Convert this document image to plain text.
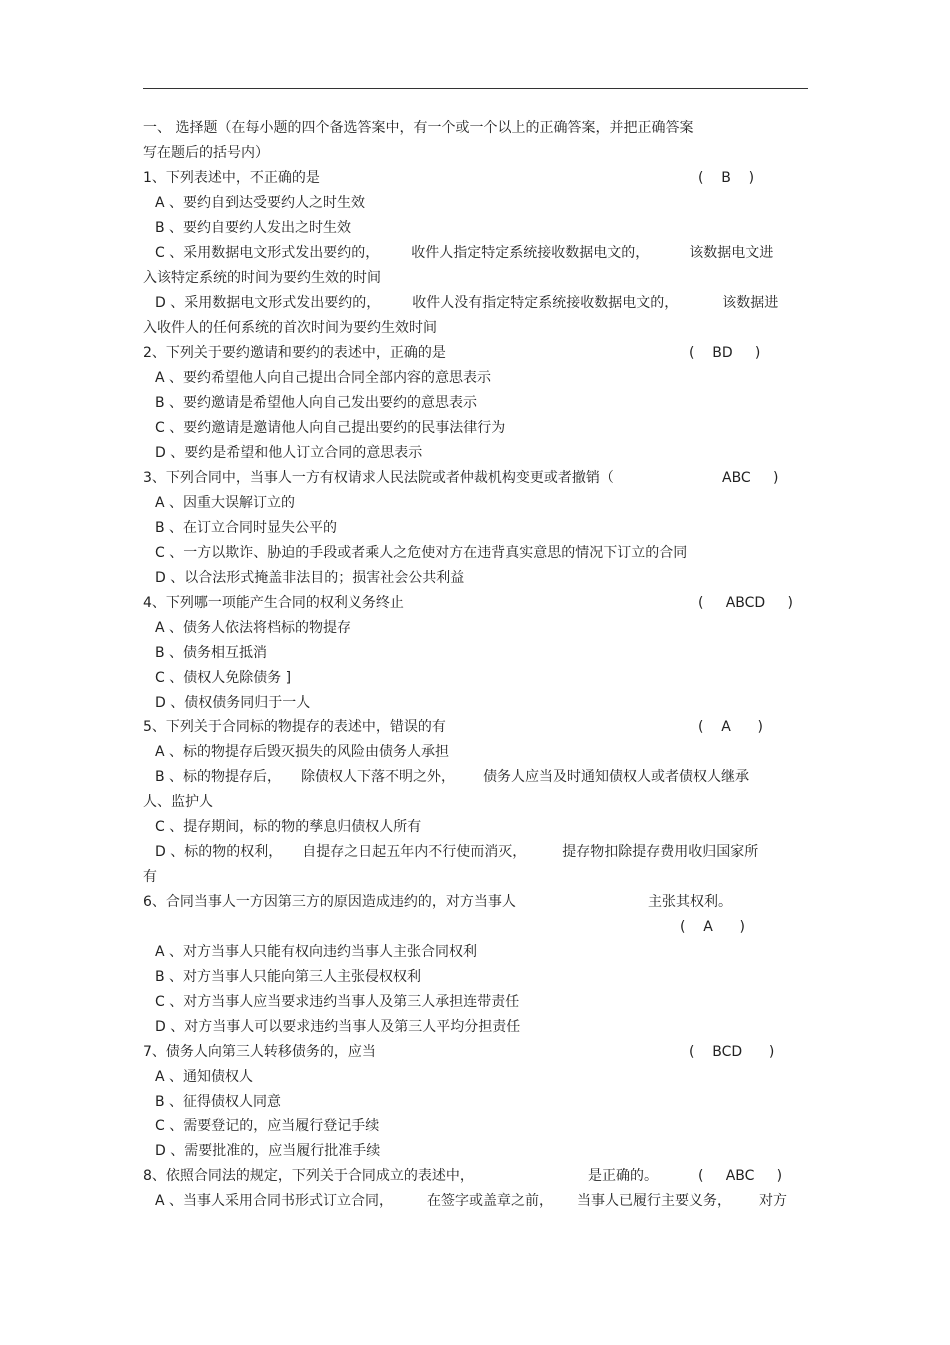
一、 选择题（在每小题的四个备选答案中，有一个或一个以上的正确答案，并把正确答案
写在题后的括号内）
1、下列表述中，不正确的是	(    B    )
A 、要约自到达受要约人之时生效
B 、要约自要约人发出之时生效
C 、采用数据电文形式发出要约的， 收件人指定特定系统接收数据电文的，	该数据电文进
入该特定系统的时间为要约生效的时间
D 、采用数据电文形式发出要约的， 收件人没有指定特定系统接收数据电文的，	该数据进
入收件人的任何系统的首次时间为要约生效时间
2、下列关于要约邀请和要约的表述中，正确的是	(    BD     )
A 、要约希望他人向自己提出合同全部内容的意思表示
B 、要约邀请是希望他人向自己发出要约的意思表示
C 、要约邀请是邀请他人向自己提出要约的民事法律行为
D 、要约是希望和他人订立合同的意思表示
3、下列合同中，当事人一方有权请求人民法院或者仲裁机构变更或者撤销（	ABC     )
A 、因重大误解订立的
B 、在订立合同时显失公平的
C 、一方以欺诈、胁迫的手段或者乘人之危使对方在违背真实意思的情况下订立的合同
D 、以合法形式掩盖非法目的；损害社会公共利益
4、下列哪一项能产生合同的权利义务终止	(     ABCD     )
A 、债务人依法将档标的物提存
B 、债务相互抵消
C 、债权人免除债务 ]
D 、债权债务同归于一人
5、下列关于合同标的物提存的表述中，错误的有	(    A      )
A 、标的物提存后毁灭损失的风险由债务人承担
B 、标的物提存后， 除债权人下落不明之外， 债务人应当及时通知债权人或者债权人继承
人、监护人
C 、提存期间，标的物的孳息归债权人所有
D 、标的物的权利， 自提存之日起五年内不行使而消灭，	提存物扣除提存费用收归国家所
有
6、合同当事人一方因第三方的原因造成违约的，对方当事人	主张其权利。
(    A      )
A 、对方当事人只能有权向违约当事人主张合同权利
B 、对方当事人只能向第三人主张侵权权利
C 、对方当事人应当要求违约当事人及第三人承担连带责任
D 、对方当事人可以要求违约当事人及第三人平均分担责任
7、债务人向第三人转移债务的，应当	(    BCD      )
A 、通知债权人
B 、征得债权人同意
C 、需要登记的，应当履行登记手续
D 、需要批准的，应当履行批准手续
8、依照合同法的规定，下列关于合同成立的表述中，	是正确的。	(     ABC     )
A 、当事人采用合同书形式订立合同， 在签字或盖章之前， 当事人已履行主要义务， 对方
